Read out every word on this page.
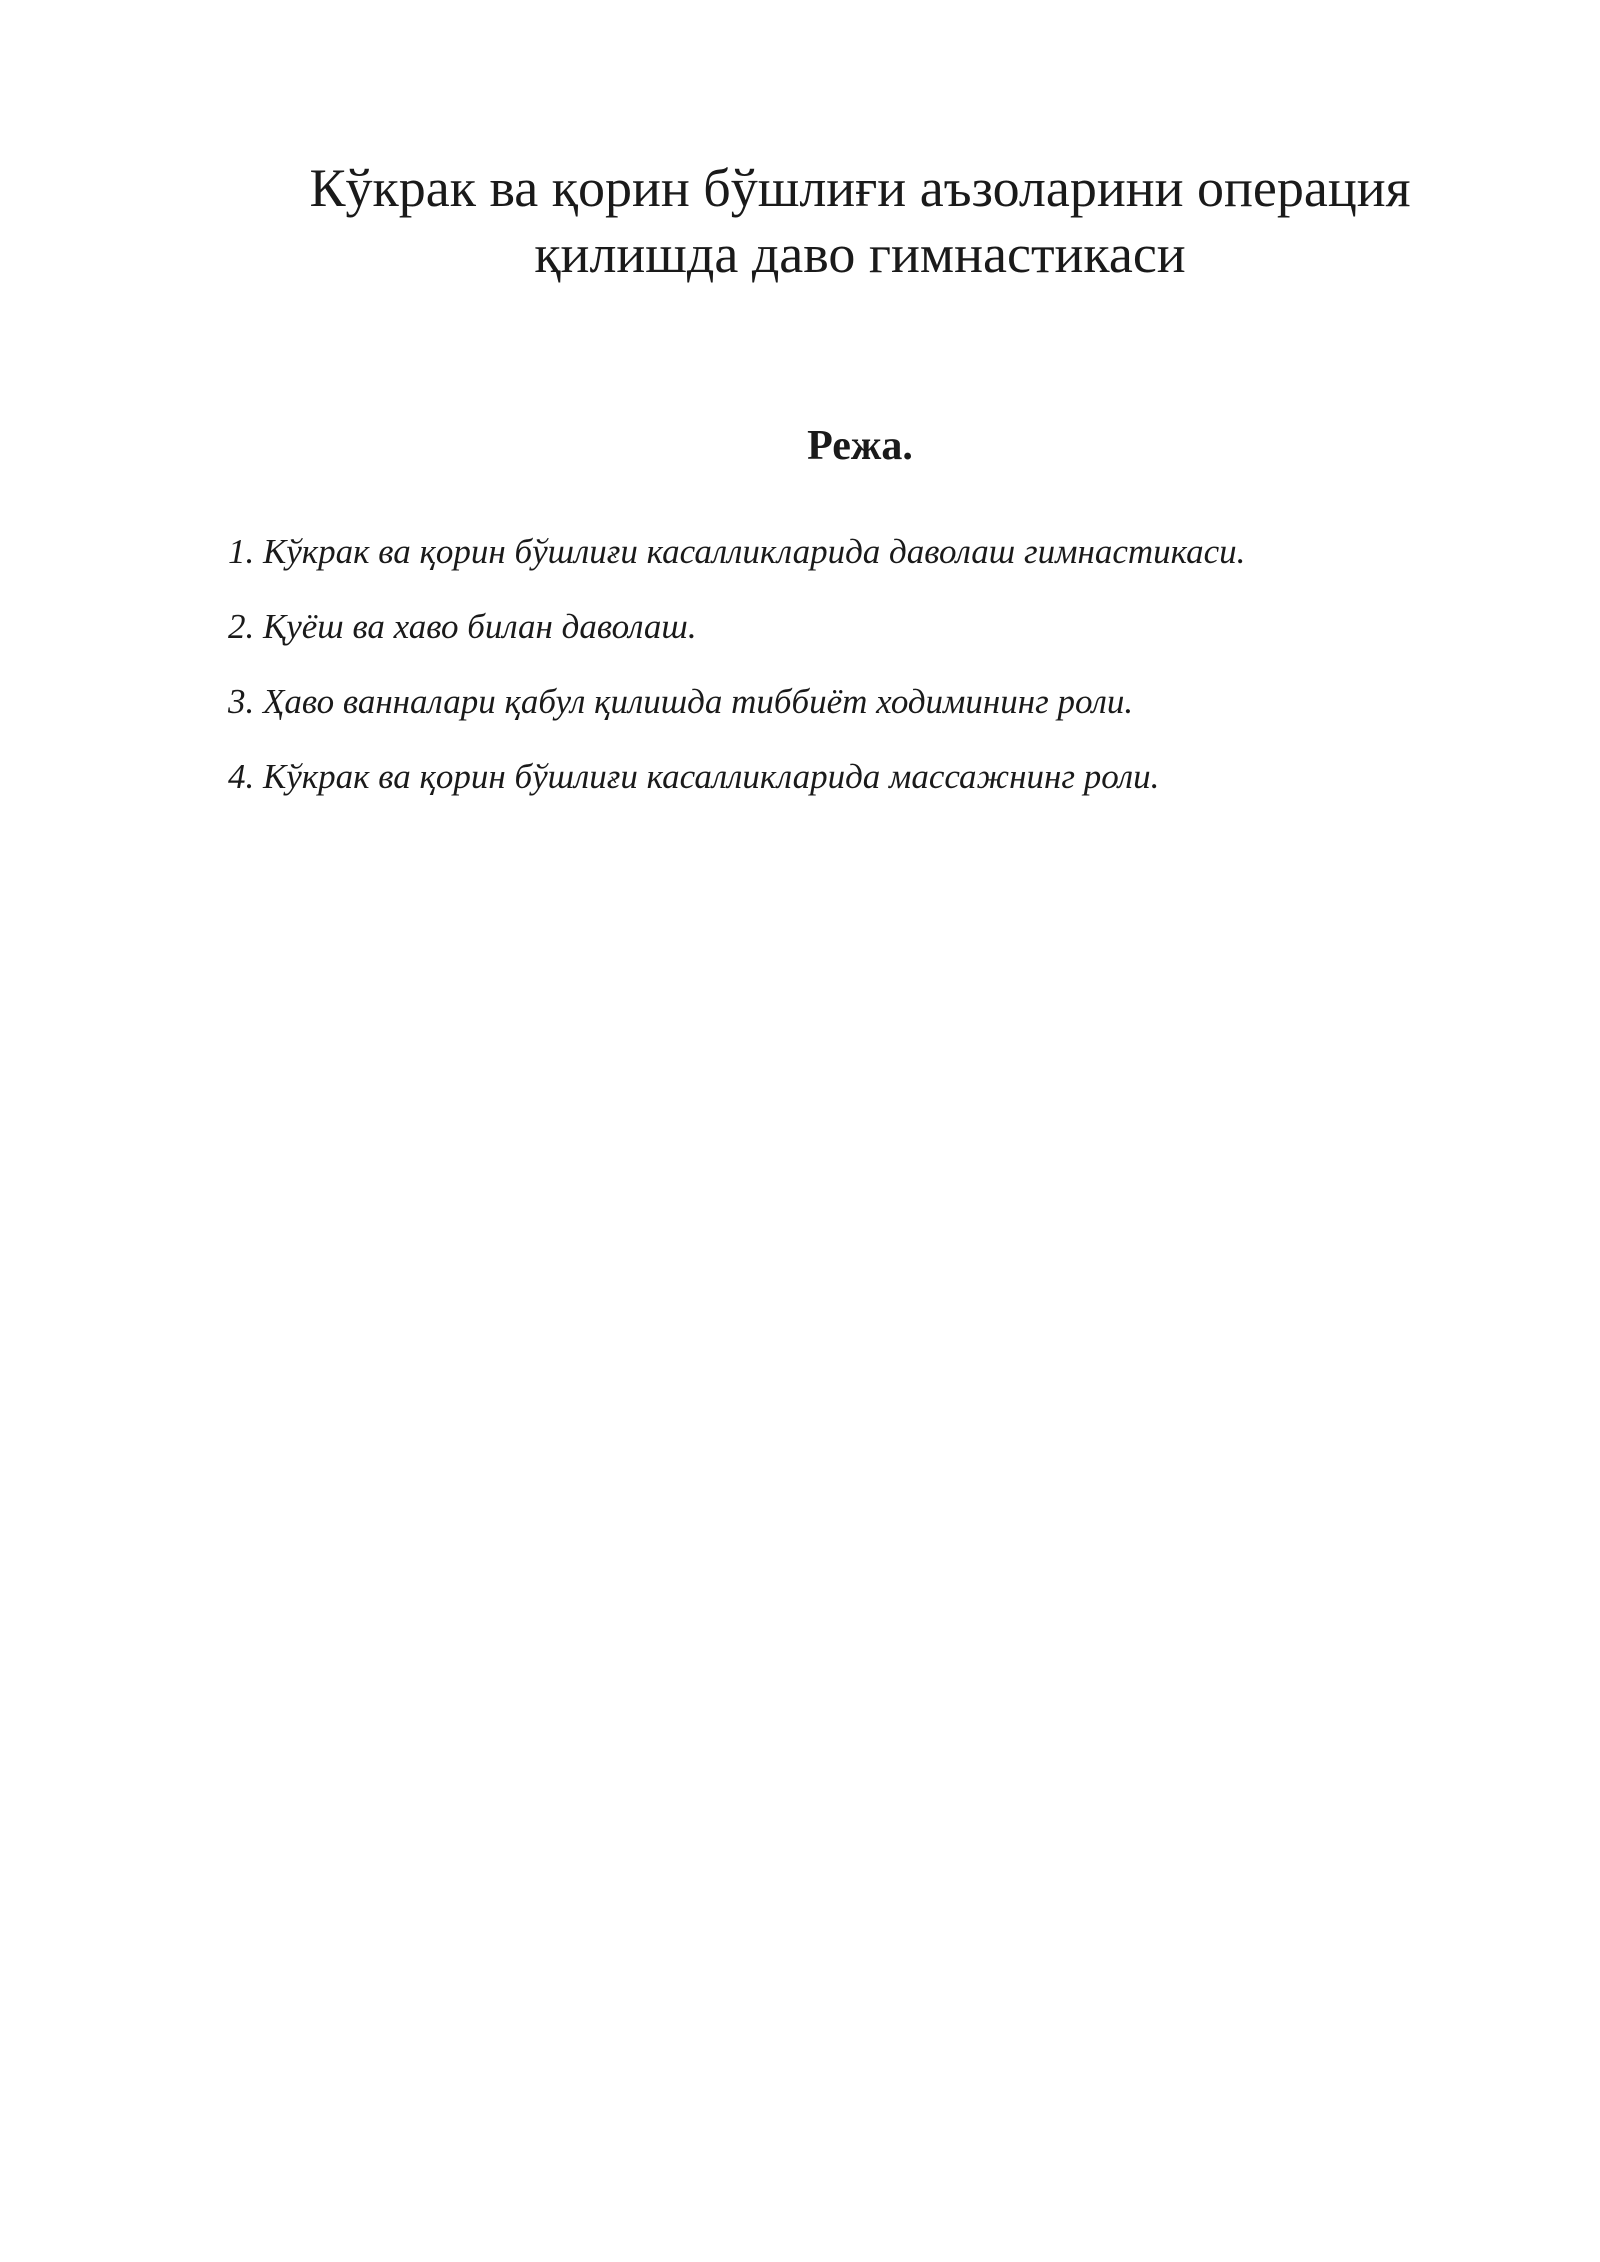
Кўкрак ва қорин бўшлиғи аъзоларини операция
қилишда даво гимнастикаси
Режа.
1. Кўкрак ва қорин бўшлиғи касалликларида даволаш гимнастикаси.
2. Қуёш ва хаво билан даволаш.
3. Ҳаво ванналари қабул қилишда тиббиёт ходимининг роли.
4. Кўкрак ва қорин бўшлиғи касалликларида массажнинг роли.
